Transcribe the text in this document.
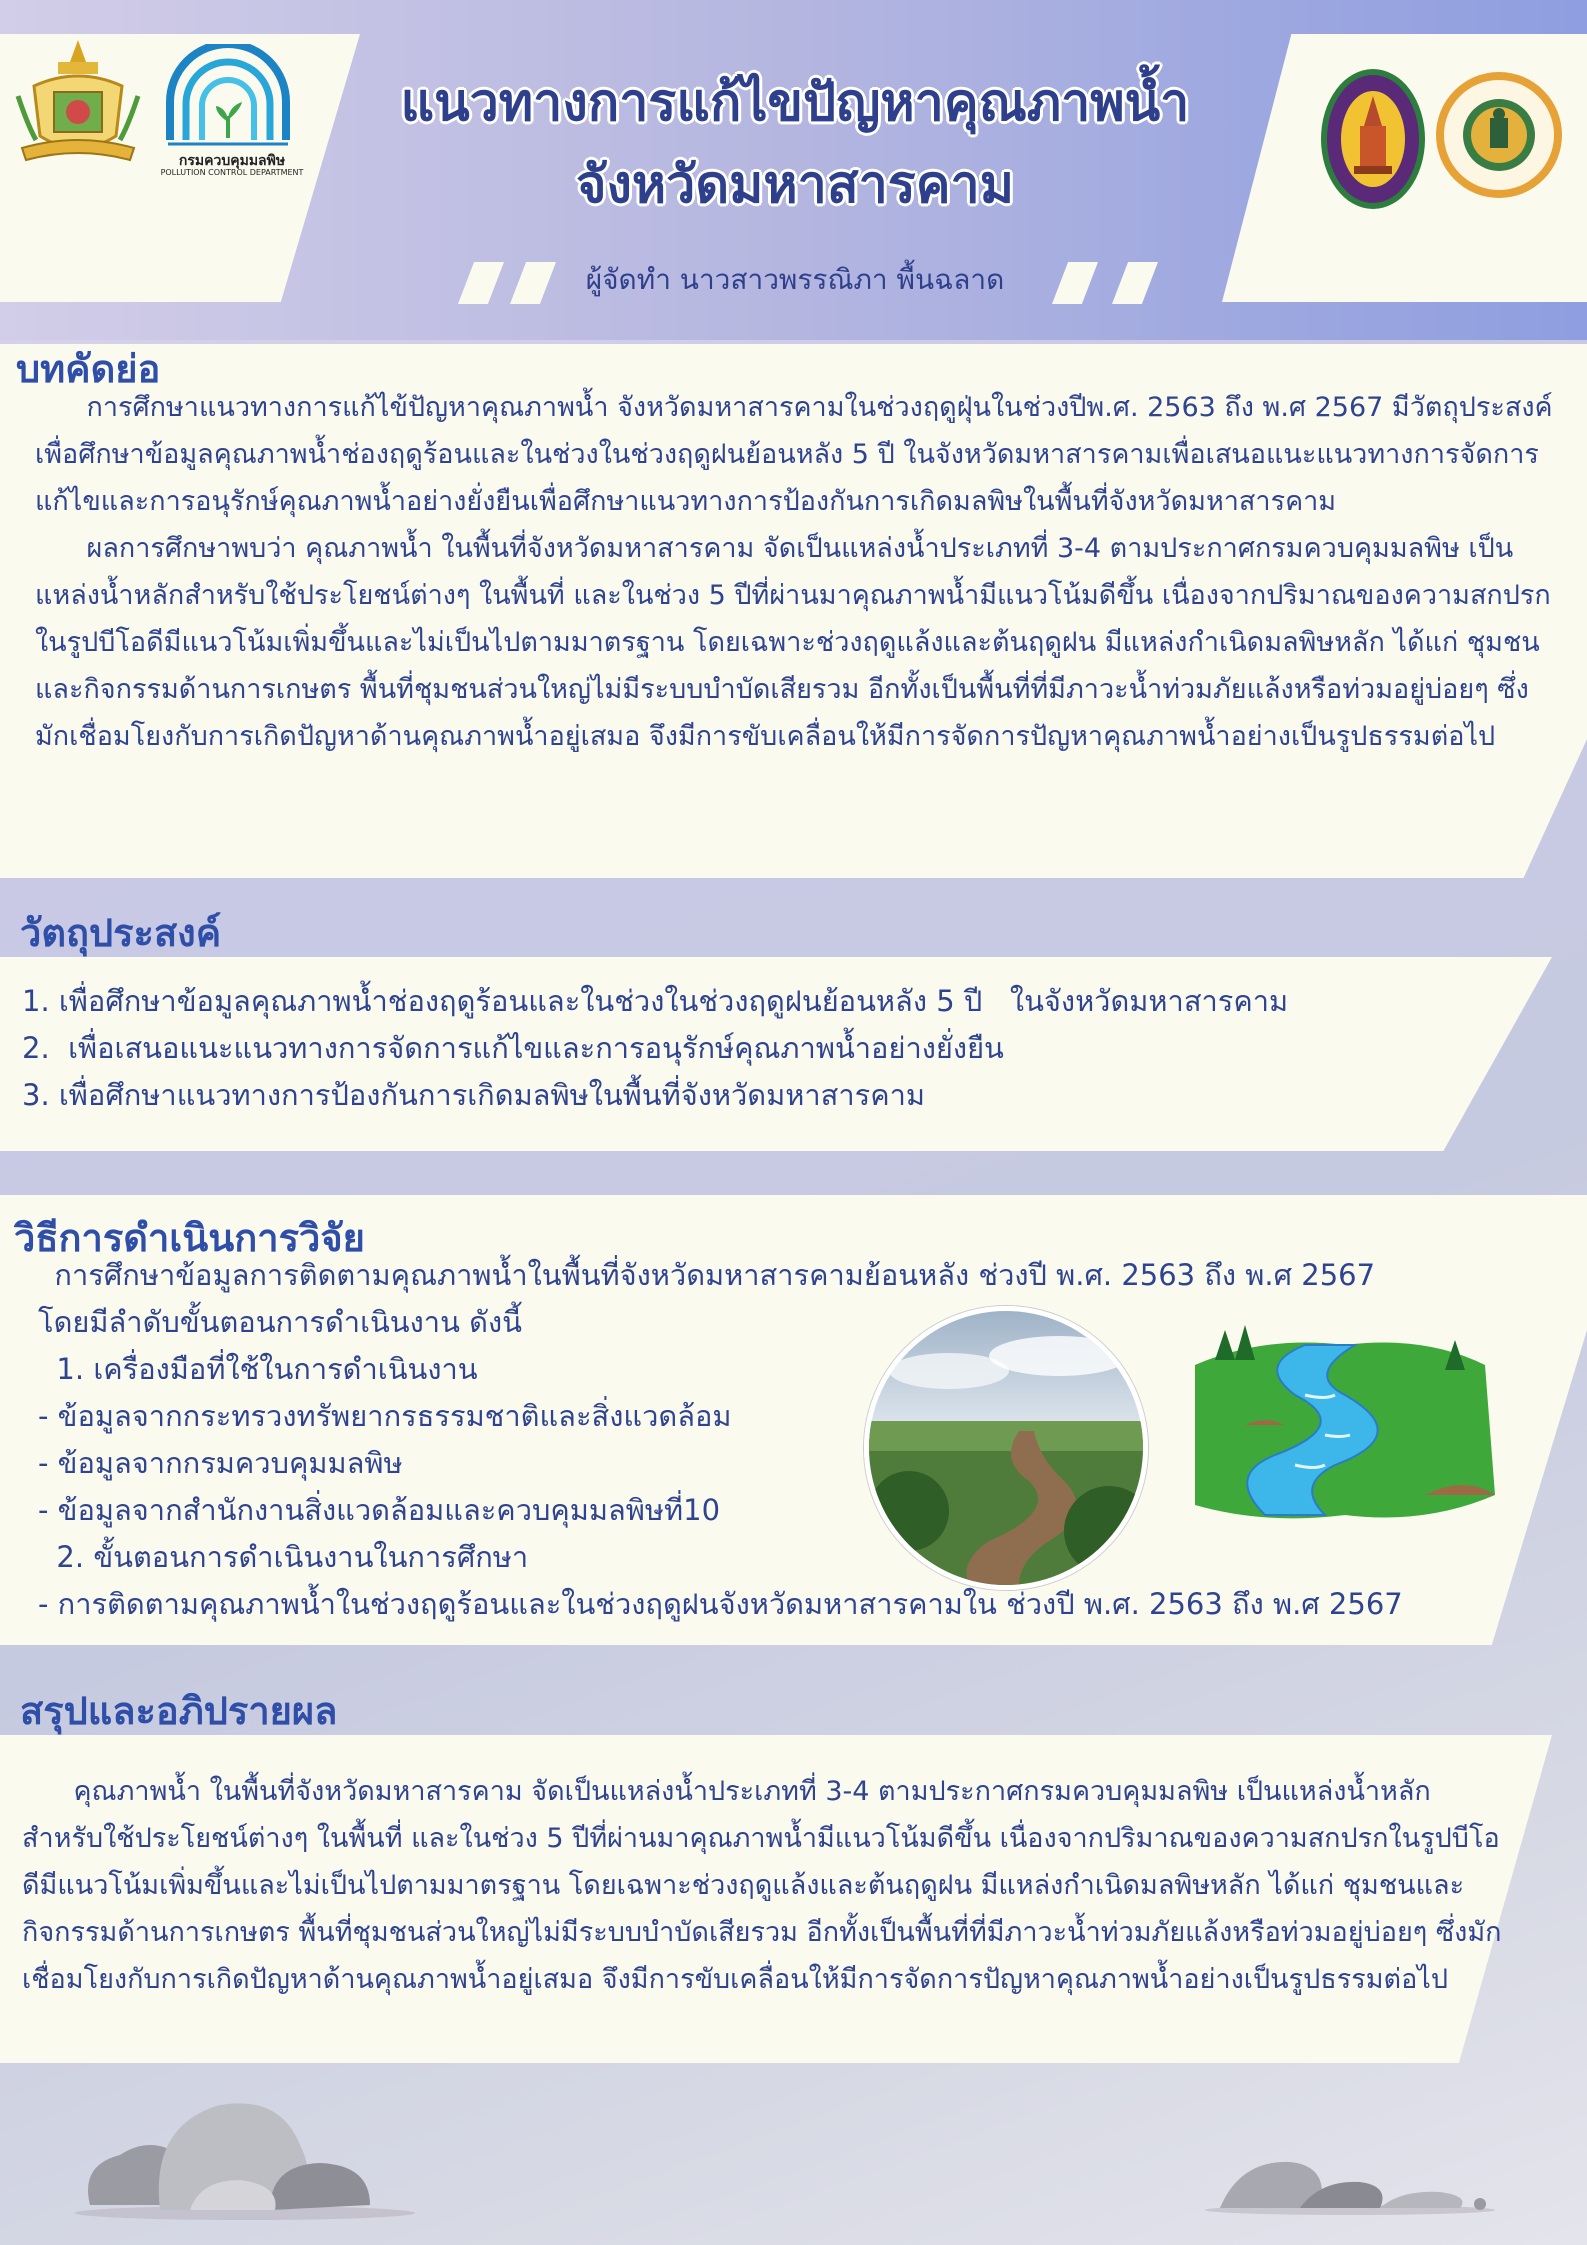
กรมควบคุมมลพิษ
POLLUTION CONTROL DEPARTMENT
แนวทางการแก้ไขปัญหาคุณภาพน้ำ
จังหวัดมหาสารคาม
ผู้จัดทำ นาวสาวพรรณิภา พื้นฉลาด
บทคัดย่อ

การศึกษาแนวทางการแก้ไข้ปัญหาคุณภาพน้ำ จังหวัดมหาสารคามในช่วงฤดูฝุ่นในช่วงปีพ.ศ. 2563 ถึง พ.ศ 2567 มีวัตถุประสงค์เพื่อศึกษาข้อมูลคุณภาพน้ำช่องฤดูร้อนและในช่วงในช่วงฤดูฝนย้อนหลัง 5 ปี ในจังหวัดมหาสารคามเพื่อเสนอแนะแนวทางการจัดการแก้ไขและการอนุรักษ์คุณภาพน้ำอย่างยั่งยืนเพื่อศึกษาแนวทางการป้องกันการเกิดมลพิษในพื้นที่จังหวัดมหาสารคาม

ผลการศึกษาพบว่า คุณภาพน้ำ ในพื้นที่จังหวัดมหาสารคาม จัดเป็นแหล่งน้ำประเภทที่ 3-4 ตามประกาศกรมควบคุมมลพิษ เป็นแหล่งน้ำหลักสำหรับใช้ประโยชน์ต่างๆ ในพื้นที่ และในช่วง 5 ปีที่ผ่านมาคุณภาพน้ำมีแนวโน้มดีขึ้น เนื่องจากปริมาณของความสกปรกในรูปบีโอดีมีแนวโน้มเพิ่มขึ้นและไม่เป็นไปตามมาตรฐาน โดยเฉพาะช่วงฤดูแล้งและต้นฤดูฝน มีแหล่งกำเนิดมลพิษหลัก ได้แก่ ชุมชนและกิจกรรมด้านการเกษตร พื้นที่ชุมชนส่วนใหญ่ไม่มีระบบบำบัดเสียรวม อีกทั้งเป็นพื้นที่ที่มีภาวะน้ำท่วมภัยแล้งหรือท่วมอยู่บ่อยๆ ซึ่งมักเชื่อมโยงกับการเกิดปัญหาด้านคุณภาพน้ำอยู่เสมอ จึงมีการขับเคลื่อนให้มีการจัดการปัญหาคุณภาพน้ำอย่างเป็นรูปธรรมต่อไป

วัตถุประสงค์
1. เพื่อศึกษาข้อมูลคุณภาพน้ำช่องฤดูร้อนและในช่วงในช่วงฤดูฝนย้อนหลัง 5 ปี   ในจังหวัดมหาสารคาม
2.  เพื่อเสนอแนะแนวทางการจัดการแก้ไขและการอนุรักษ์คุณภาพน้ำอย่างยั่งยืน
3. เพื่อศึกษาแนวทางการป้องกันการเกิดมลพิษในพื้นที่จังหวัดมหาสารคาม
วิธีการดำเนินการวิจัย
การศึกษาข้อมูลการติดตามคุณภาพน้ำในพื้นที่จังหวัดมหาสารคามย้อนหลัง ช่วงปี พ.ศ. 2563 ถึง พ.ศ 2567
โดยมีลำดับขั้นตอนการดำเนินงาน ดังนี้
1. เครื่องมือที่ใช้ในการดำเนินงาน
- ข้อมูลจากกระทรวงทรัพยากรธรรมชาติและสิ่งแวดล้อม
- ข้อมูลจากกรมควบคุมมลพิษ
- ข้อมูลจากสำนักงานสิ่งแวดล้อมและควบคุมมลพิษที่10
2. ขั้นตอนการดำเนินงานในการศึกษา
- การติดตามคุณภาพน้ำในช่วงฤดูร้อนและในช่วงฤดูฝนจังหวัดมหาสารคามใน ช่วงปี พ.ศ. 2563 ถึง พ.ศ 2567
สรุปและอภิปรายผล

คุณภาพน้ำ ในพื้นที่จังหวัดมหาสารคาม จัดเป็นแหล่งน้ำประเภทที่ 3-4 ตามประกาศกรมควบคุมมลพิษ เป็นแหล่งน้ำหลักสำหรับใช้ประโยชน์ต่างๆ ในพื้นที่ และในช่วง 5 ปีที่ผ่านมาคุณภาพน้ำมีแนวโน้มดีขึ้น เนื่องจากปริมาณของความสกปรกในรูปบีโอดีมีแนวโน้มเพิ่มขึ้นและไม่เป็นไปตามมาตรฐาน โดยเฉพาะช่วงฤดูแล้งและต้นฤดูฝน มีแหล่งกำเนิดมลพิษหลัก ได้แก่ ชุมชนและกิจกรรมด้านการเกษตร พื้นที่ชุมชนส่วนใหญ่ไม่มีระบบบำบัดเสียรวม อีกทั้งเป็นพื้นที่ที่มีภาวะน้ำท่วมภัยแล้งหรือท่วมอยู่บ่อยๆ ซึ่งมักเชื่อมโยงกับการเกิดปัญหาด้านคุณภาพน้ำอยู่เสมอ จึงมีการขับเคลื่อนให้มีการจัดการปัญหาคุณภาพน้ำอย่างเป็นรูปธรรมต่อไป
